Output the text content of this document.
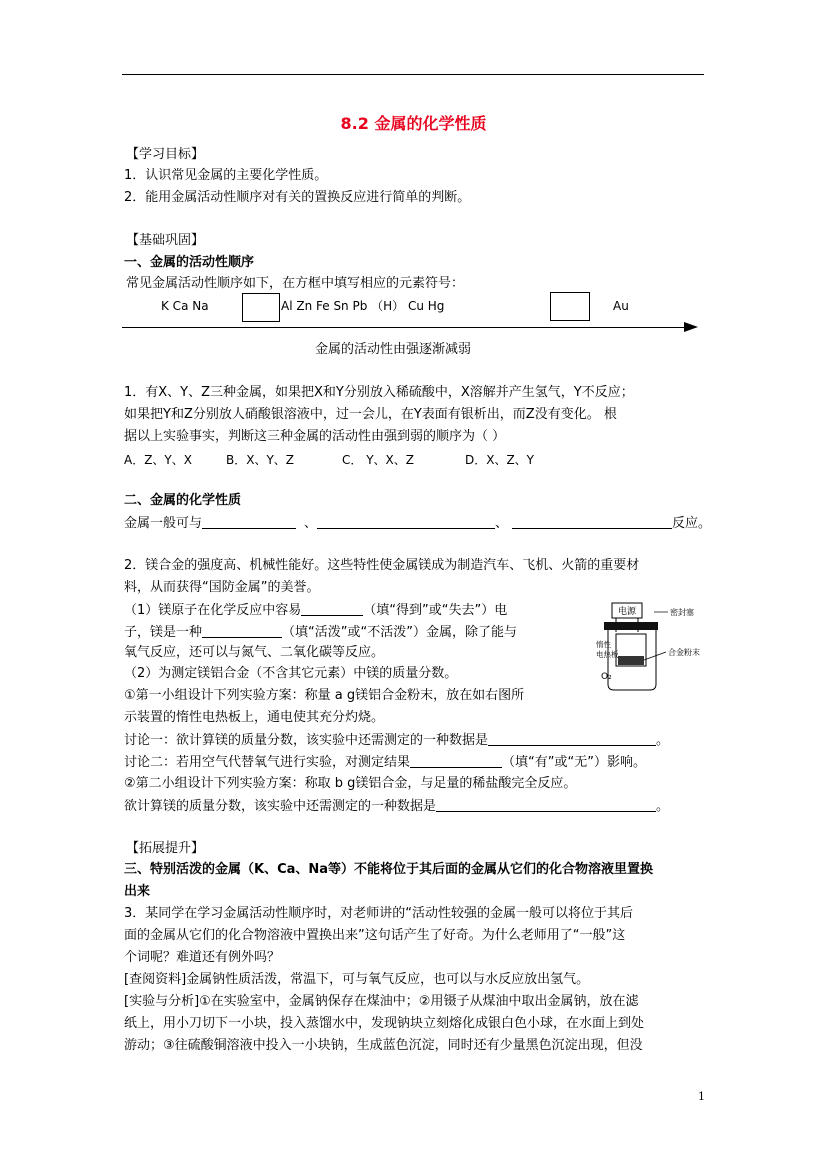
8.2 金属的化学性质
【学习目标】
1．认识常见金属的主要化学性质。
2．能用金属活动性顺序对有关的置换反应进行简单的判断。
【基础巩固】
一、金属的活动性顺序
常见金属活动性顺序如下，在方框中填写相应的元素符号：
K Ca Na	Al Zn Fe Sn Pb （H） Cu Hg	Au
金属的活动性由强逐渐减弱
1．有X、Y、Z三种金属，如果把X和Y分别放入稀硫酸中，X溶解并产生氢气，Y不反应；
如果把Y和Z分别放人硝酸银溶液中，过一会儿，在Y表面有银析出，而Z没有变化。 根
据以上实验事实，判断这三种金属的活动性由强到弱的顺序为（ ）
A．Z、Y、X	B．X、Y、Z	C． Y、X、Z	D．X、Z、Y
二、金属的化学性质
金属一般可与	、	、	反应。
2．镁合金的强度高、机械性能好。这些特性使金属镁成为制造汽车、飞机、火箭的重要材
料，从而获得“国防金属”的美誉。
（1）镁原子在化学反应中容易	（填“得到”或“失去”）电
子，镁是一种	（填“活泼”或“不活泼”）金属，除了能与
氧气反应，还可以与氮气、二氧化碳等反应。
（2）为测定镁铝合金（不含其它元素）中镁的质量分数。
①第一小组设计下列实验方案：称量 a g镁铝合金粉末，放在如右图所
示装置的惰性电热板上，通电使其充分灼烧。
讨论一：欲计算镁的质量分数，该实验中还需测定的一种数据是	。
讨论二：若用空气代替氧气进行实验，对测定结果	（填“有”或“无”）影响。
②第二小组设计下列实验方案：称取 b g镁铝合金，与足量的稀盐酸完全反应。
欲计算镁的质量分数，该实验中还需测定的一种数据是	。
电源	密封塞
惰性
电热板	合金粉末
O₂
【拓展提升】
三、特别活泼的金属（K、Ca、Na等）不能将位于其后面的金属从它们的化合物溶液里置换
出来
3．某同学在学习金属活动性顺序时，对老师讲的“活动性较强的金属一般可以将位于其后
面的金属从它们的化合物溶液中置换出来”这句话产生了好奇。为什么老师用了“一般”这
个词呢？难道还有例外吗？
[查阅资料]金属钠性质活泼，常温下，可与氧气反应，也可以与水反应放出氢气。
[实验与分析]①在实验室中，金属钠保存在煤油中；②用镊子从煤油中取出金属钠，放在滤
纸上，用小刀切下一小块，投入蒸馏水中，发现钠块立刻熔化成银白色小球，在水面上到处
游动；③往硫酸铜溶液中投入一小块钠，生成蓝色沉淀，同时还有少量黑色沉淀出现，但没
1
